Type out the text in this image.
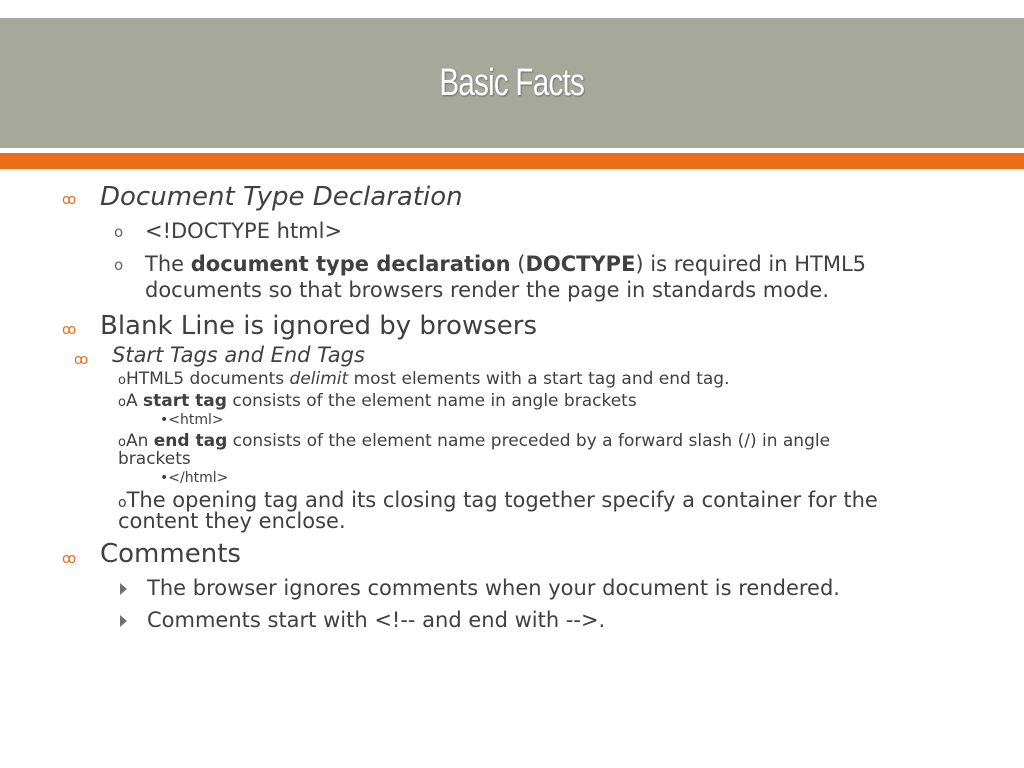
Basic Facts
ꝏ Document Type Declaration
o <!DOCTYPE html>
o The document type declaration (DOCTYPE) is required in HTML5
documents so that browsers render the page in standards mode.
ꝏ Blank Line is ignored by browsers
ꝏ Start Tags and End Tags
oHTML5 documents delimit most elements with a start tag and end tag.
oA start tag consists of the element name in angle brackets
•<html>
oAn end tag consists of the element name preceded by a forward slash (/) in angle
brackets
•</html>
oThe opening tag and its closing tag together specify a container for the
content they enclose.
ꝏ Comments
The browser ignores comments when your document is rendered.
Comments start with <!-- and end with -->.
